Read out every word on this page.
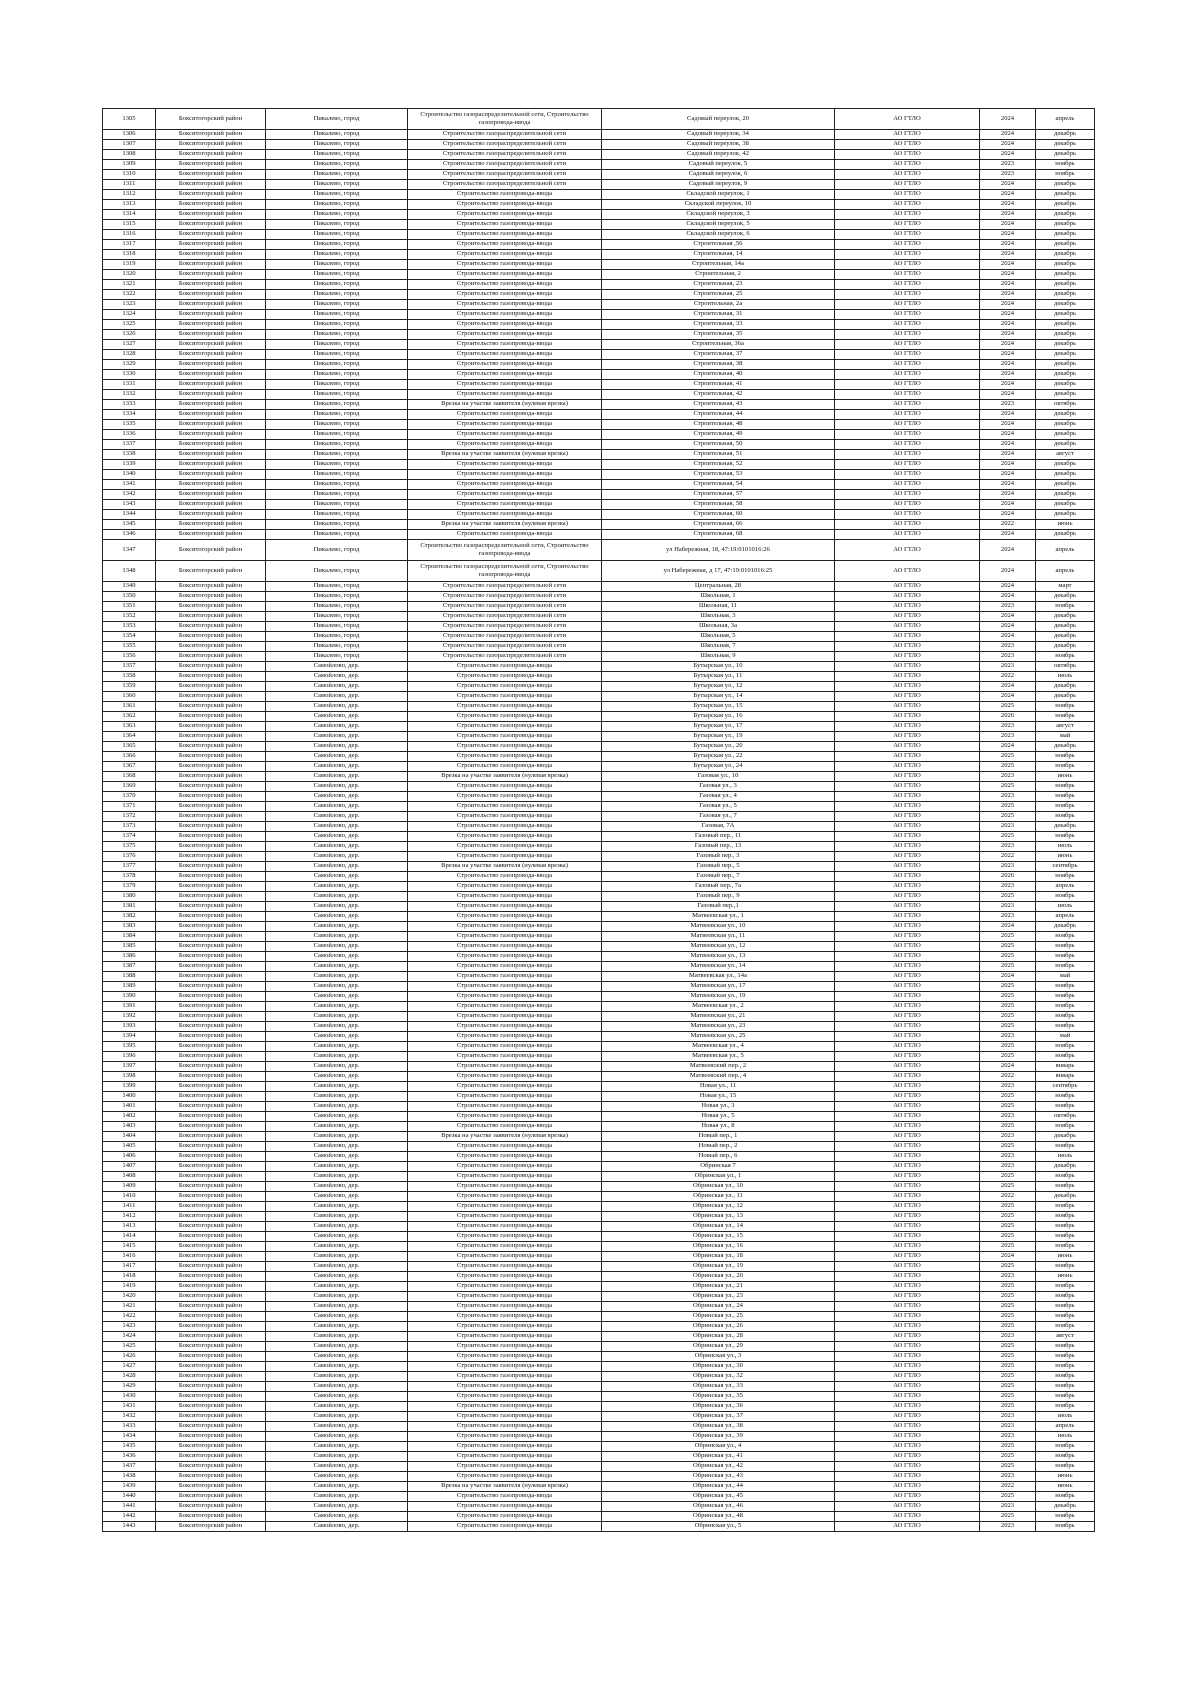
1305	Бокситогорский район	Пикалево, город	Строительство газораспределительной сети, Строительство газопровода-ввода	Садовый переулок, 20	АО ГТЛО	2024	апрель
1306	Бокситогорский район	Пикалево, город	Строительство газораспределительной сети	Садовый переулок, 34	АО ГТЛО	2024	декабрь
1307	Бокситогорский район	Пикалево, город	Строительство газораспределительной сети	Садовый переулок, 38	АО ГТЛО	2024	декабрь
1308	Бокситогорский район	Пикалево, город	Строительство газораспределительной сети	Садовый переулок, 42	АО ГТЛО	2024	декабрь
1309	Бокситогорский район	Пикалево, город	Строительство газораспределительной сети	Садовый переулок, 5	АО ГТЛО	2023	ноябрь
1310	Бокситогорский район	Пикалево, город	Строительство газораспределительной сети	Садовый переулок, 6	АО ГТЛО	2023	ноябрь
1311	Бокситогорский район	Пикалево, город	Строительство газораспределительной сети	Садовый переулок, 9	АО ГТЛО	2024	декабрь
1312	Бокситогорский район	Пикалево, город	Строительство газопровода-ввода	Складской переулок, 1	АО ГТЛО	2024	декабрь
1313	Бокситогорский район	Пикалево, город	Строительство газопровода-ввода	Складской переулок, 10	АО ГТЛО	2024	декабрь
1314	Бокситогорский район	Пикалево, город	Строительство газопровода-ввода	Складской переулок, 3	АО ГТЛО	2024	декабрь
1315	Бокситогорский район	Пикалево, город	Строительство газопровода-ввода	Складской переулок, 5	АО ГТЛО	2024	декабрь
1316	Бокситогорский район	Пикалево, город	Строительство газопровода-ввода	Складской переулок, 6	АО ГТЛО	2024	декабрь
1317	Бокситогорский район	Пикалево, город	Строительство газопровода-ввода	Строительная ,56	АО ГТЛО	2024	декабрь
1318	Бокситогорский район	Пикалево, город	Строительство газопровода-ввода	Строительная, 14	АО ГТЛО	2024	декабрь
1319	Бокситогорский район	Пикалево, город	Строительство газопровода-ввода	Строительная, 14а	АО ГТЛО	2024	декабрь
1320	Бокситогорский район	Пикалево, город	Строительство газопровода-ввода	Строительная, 2	АО ГТЛО	2024	декабрь
1321	Бокситогорский район	Пикалево, город	Строительство газопровода-ввода	Строительная, 23	АО ГТЛО	2024	декабрь
1322	Бокситогорский район	Пикалево, город	Строительство газопровода-ввода	Строительная, 25	АО ГТЛО	2024	декабрь
1323	Бокситогорский район	Пикалево, город	Строительство газопровода-ввода	Строительная, 2а	АО ГТЛО	2024	декабрь
1324	Бокситогорский район	Пикалево, город	Строительство газопровода-ввода	Строительная, 31	АО ГТЛО	2024	декабрь
1325	Бокситогорский район	Пикалево, город	Строительство газопровода-ввода	Строительная, 33	АО ГТЛО	2024	декабрь
1326	Бокситогорский район	Пикалево, город	Строительство газопровода-ввода	Строительная, 35	АО ГТЛО	2024	декабрь
1327	Бокситогорский район	Пикалево, город	Строительство газопровода-ввода	Строительная, 36а	АО ГТЛО	2024	декабрь
1328	Бокситогорский район	Пикалево, город	Строительство газопровода-ввода	Строительная, 37	АО ГТЛО	2024	декабрь
1329	Бокситогорский район	Пикалево, город	Строительство газопровода-ввода	Строительная, 38	АО ГТЛО	2024	декабрь
1330	Бокситогорский район	Пикалево, город	Строительство газопровода-ввода	Строительная, 40	АО ГТЛО	2024	декабрь
1331	Бокситогорский район	Пикалево, город	Строительство газопровода-ввода	Строительная, 41	АО ГТЛО	2024	декабрь
1332	Бокситогорский район	Пикалево, город	Строительство газопровода-ввода	Строительная, 42	АО ГТЛО	2024	декабрь
1333	Бокситогорский район	Пикалево, город	Врезка на участке заявителя (нулевая врезка)	Строительная, 43	АО ГТЛО	2023	октябрь
1334	Бокситогорский район	Пикалево, город	Строительство газопровода-ввода	Строительная, 44	АО ГТЛО	2024	декабрь
1335	Бокситогорский район	Пикалево, город	Строительство газопровода-ввода	Строительная, 48	АО ГТЛО	2024	декабрь
1336	Бокситогорский район	Пикалево, город	Строительство газопровода-ввода	Строительная, 49	АО ГТЛО	2024	декабрь
1337	Бокситогорский район	Пикалево, город	Строительство газопровода-ввода	Строительная, 50	АО ГТЛО	2024	декабрь
1338	Бокситогорский район	Пикалево, город	Врезка на участке заявителя (нулевая врезка)	Строительная, 51	АО ГТЛО	2024	август
1339	Бокситогорский район	Пикалево, город	Строительство газопровода-ввода	Строительная, 52	АО ГТЛО	2024	декабрь
1340	Бокситогорский район	Пикалево, город	Строительство газопровода-ввода	Строительная, 53	АО ГТЛО	2024	декабрь
1341	Бокситогорский район	Пикалево, город	Строительство газопровода-ввода	Строительная, 54	АО ГТЛО	2024	декабрь
1342	Бокситогорский район	Пикалево, город	Строительство газопровода-ввода	Строительная, 57	АО ГТЛО	2024	декабрь
1343	Бокситогорский район	Пикалево, город	Строительство газопровода-ввода	Строительная, 58	АО ГТЛО	2024	декабрь
1344	Бокситогорский район	Пикалево, город	Строительство газопровода-ввода	Строительная, 60	АО ГТЛО	2024	декабрь
1345	Бокситогорский район	Пикалево, город	Врезка на участке заявителя (нулевая врезка)	Строительная, 66	АО ГТЛО	2022	июнь
1346	Бокситогорский район	Пикалево, город	Строительство газопровода-ввода	Строительная, 68	АО ГТЛО	2024	декабрь
1347	Бокситогорский район	Пикалево, город	Строительство газораспределительной сети, Строительство газопровода-ввода	ул Набережная, 18, 47:19:0101016:26	АО ГТЛО	2024	апрель
1348	Бокситогорский район	Пикалево, город	Строительство газораспределительной сети, Строительство газопровода-ввода	ул Набережная, д 17, 47:19:0101016:25	АО ГТЛО	2024	апрель
1349	Бокситогорский район	Пикалево, город	Строительство газораспределительной сети	Центральная, 28	АО ГТЛО	2024	март
1350	Бокситогорский район	Пикалево, город	Строительство газораспределительной сети	Школьная, 1	АО ГТЛО	2024	декабрь
1351	Бокситогорский район	Пикалево, город	Строительство газораспределительной сети	Школьная, 11	АО ГТЛО	2023	ноябрь
1352	Бокситогорский район	Пикалево, город	Строительство газораспределительной сети	Школьная, 3	АО ГТЛО	2024	декабрь
1353	Бокситогорский район	Пикалево, город	Строительство газораспределительной сети	Школьная, 3а	АО ГТЛО	2024	декабрь
1354	Бокситогорский район	Пикалево, город	Строительство газораспределительной сети	Школьная, 5	АО ГТЛО	2024	декабрь
1355	Бокситогорский район	Пикалево, город	Строительство газораспределительной сети	Школьная, 7	АО ГТЛО	2023	декабрь
1356	Бокситогорский район	Пикалево, город	Строительство газораспределительной сети	Школьная, 9	АО ГТЛО	2023	ноябрь
1357	Бокситогорский район	Самойлово, дер.	Строительство газопровода-ввода	Бутырская ул., 10	АО ГТЛО	2023	октябрь
1358	Бокситогорский район	Самойлово, дер.	Строительство газопровода-ввода	Бутырская ул., 11	АО ГТЛО	2022	июль
1359	Бокситогорский район	Самойлово, дер.	Строительство газопровода-ввода	Бутырская ул., 12	АО ГТЛО	2024	декабрь
1360	Бокситогорский район	Самойлово, дер.	Строительство газопровода-ввода	Бутырская ул., 14	АО ГТЛО	2024	декабрь
1361	Бокситогорский район	Самойлово, дер.	Строительство газопровода-ввода	Бутырская ул., 15	АО ГТЛО	2025	ноябрь
1362	Бокситогорский район	Самойлово, дер.	Строительство газопровода-ввода	Бутырская ул., 16	АО ГТЛО	2026	ноябрь
1363	Бокситогорский район	Самойлово, дер.	Строительство газопровода-ввода	Бутырская ул., 17	АО ГТЛО	2023	август
1364	Бокситогорский район	Самойлово, дер.	Строительство газопровода-ввода	Бутырская ул., 19	АО ГТЛО	2023	май
1365	Бокситогорский район	Самойлово, дер.	Строительство газопровода-ввода	Бутырская ул., 20	АО ГТЛО	2024	декабрь
1366	Бокситогорский район	Самойлово, дер.	Строительство газопровода-ввода	Бутырская ул., 22	АО ГТЛО	2025	ноябрь
1367	Бокситогорский район	Самойлово, дер.	Строительство газопровода-ввода	Бутырская ул., 24	АО ГТЛО	2025	ноябрь
1368	Бокситогорский район	Самойлово, дер.	Врезка на участке заявителя (нулевая врезка)	Газовая ул., 10	АО ГТЛО	2023	июнь
1369	Бокситогорский район	Самойлово, дер.	Строительство газопровода-ввода	Газовая ул., 3	АО ГТЛО	2025	ноябрь
1370	Бокситогорский район	Самойлово, дер.	Строительство газопровода-ввода	Газовая ул., 4	АО ГТЛО	2023	ноябрь
1371	Бокситогорский район	Самойлово, дер.	Строительство газопровода-ввода	Газовая ул., 5	АО ГТЛО	2025	ноябрь
1372	Бокситогорский район	Самойлово, дер.	Строительство газопровода-ввода	Газовая ул., 7	АО ГТЛО	2025	ноябрь
1373	Бокситогорский район	Самойлово, дер.	Строительство газопровода-ввода	Газовая, 7А	АО ГТЛО	2023	декабрь
1374	Бокситогорский район	Самойлово, дер.	Строительство газопровода-ввода	Газовый пер., 11	АО ГТЛО	2025	ноябрь
1375	Бокситогорский район	Самойлово, дер.	Строительство газопровода-ввода	Газовый пер., 13	АО ГТЛО	2023	июль
1376	Бокситогорский район	Самойлово, дер.	Строительство газопровода-ввода	Газовый пер., 3	АО ГТЛО	2022	июнь
1377	Бокситогорский район	Самойлово, дер.	Врезка на участке заявителя (нулевая врезка)	Газовый пер., 5	АО ГТЛО	2023	сентябрь
1378	Бокситогорский район	Самойлово, дер.	Строительство газопровода-ввода	Газовый пер., 7	АО ГТЛО	2026	ноябрь
1379	Бокситогорский район	Самойлово, дер.	Строительство газопровода-ввода	Газовый пер., 7а	АО ГТЛО	2023	апрель
1380	Бокситогорский район	Самойлово, дер.	Строительство газопровода-ввода	Газовый пер., 9	АО ГТЛО	2025	ноябрь
1381	Бокситогорский район	Самойлово, дер.	Строительство газопровода-ввода	Газовый пер.,1	АО ГТЛО	2023	июль
1382	Бокситогорский район	Самойлово, дер.	Строительство газопровода-ввода	Матвеевская ул., 1	АО ГТЛО	2023	апрель
1383	Бокситогорский район	Самойлово, дер.	Строительство газопровода-ввода	Матвеевская ул., 10	АО ГТЛО	2024	декабрь
1384	Бокситогорский район	Самойлово, дер.	Строительство газопровода-ввода	Матвеевская ул., 11	АО ГТЛО	2025	ноябрь
1385	Бокситогорский район	Самойлово, дер.	Строительство газопровода-ввода	Матвеевская ул., 12	АО ГТЛО	2025	ноябрь
1386	Бокситогорский район	Самойлово, дер.	Строительство газопровода-ввода	Матвеевская ул., 13	АО ГТЛО	2025	ноябрь
1387	Бокситогорский район	Самойлово, дер.	Строительство газопровода-ввода	Матвеевская ул., 14	АО ГТЛО	2025	ноябрь
1388	Бокситогорский район	Самойлово, дер.	Строительство газопровода-ввода	Матвеевская ул., 14а	АО ГТЛО	2024	май
1389	Бокситогорский район	Самойлово, дер.	Строительство газопровода-ввода	Матвеевская ул., 17	АО ГТЛО	2025	ноябрь
1390	Бокситогорский район	Самойлово, дер.	Строительство газопровода-ввода	Матвеевская ул., 19	АО ГТЛО	2025	ноябрь
1391	Бокситогорский район	Самойлово, дер.	Строительство газопровода-ввода	Матвеевская ул., 2	АО ГТЛО	2025	ноябрь
1392	Бокситогорский район	Самойлово, дер.	Строительство газопровода-ввода	Матвеевская ул., 21	АО ГТЛО	2025	ноябрь
1393	Бокситогорский район	Самойлово, дер.	Строительство газопровода-ввода	Матвеевская ул., 23	АО ГТЛО	2025	ноябрь
1394	Бокситогорский район	Самойлово, дер.	Строительство газопровода-ввода	Матвеевская ул., 25	АО ГТЛО	2023	май
1395	Бокситогорский район	Самойлово, дер.	Строительство газопровода-ввода	Матвеевская ул., 4	АО ГТЛО	2025	ноябрь
1396	Бокситогорский район	Самойлово, дер.	Строительство газопровода-ввода	Матвеевская ул., 5	АО ГТЛО	2025	ноябрь
1397	Бокситогорский район	Самойлово, дер.	Строительство газопровода-ввода	Матвеевский пер., 2	АО ГТЛО	2024	январь
1398	Бокситогорский район	Самойлово, дер.	Строительство газопровода-ввода	Матвеевский пер., 4	АО ГТЛО	2022	январь
1399	Бокситогорский район	Самойлово, дер.	Строительство газопровода-ввода	Новая ул., 11	АО ГТЛО	2023	сентябрь
1400	Бокситогорский район	Самойлово, дер.	Строительство газопровода-ввода	Новая ул., 15	АО ГТЛО	2025	ноябрь
1401	Бокситогорский район	Самойлово, дер.	Строительство газопровода-ввода	Новая ул., 3	АО ГТЛО	2025	ноябрь
1402	Бокситогорский район	Самойлово, дер.	Строительство газопровода-ввода	Новая ул., 5	АО ГТЛО	2023	октябрь
1403	Бокситогорский район	Самойлово, дер.	Строительство газопровода-ввода	Новая ул., 8	АО ГТЛО	2025	ноябрь
1404	Бокситогорский район	Самойлово, дер.	Врезка на участке заявителя (нулевая врезка)	Новый пер., 1	АО ГТЛО	2023	декабрь
1405	Бокситогорский район	Самойлово, дер.	Строительство газопровода-ввода	Новый пер., 2	АО ГТЛО	2025	ноябрь
1406	Бокситогорский район	Самойлово, дер.	Строительство газопровода-ввода	Новый пер., 6	АО ГТЛО	2023	июль
1407	Бокситогорский район	Самойлово, дер.	Строительство газопровода-ввода	Обринская 7	АО ГТЛО	2023	декабрь
1408	Бокситогорский район	Самойлово, дер.	Строительство газопровода-ввода	Обринская ул., 1	АО ГТЛО	2025	ноябрь
1409	Бокситогорский район	Самойлово, дер.	Строительство газопровода-ввода	Обринская ул., 10	АО ГТЛО	2025	ноябрь
1410	Бокситогорский район	Самойлово, дер.	Строительство газопровода-ввода	Обринская ул., 11	АО ГТЛО	2022	декабрь
1411	Бокситогорский район	Самойлово, дер.	Строительство газопровода-ввода	Обринская ул., 12	АО ГТЛО	2025	ноябрь
1412	Бокситогорский район	Самойлово, дер.	Строительство газопровода-ввода	Обринская ул., 13	АО ГТЛО	2025	ноябрь
1413	Бокситогорский район	Самойлово, дер.	Строительство газопровода-ввода	Обринская ул., 14	АО ГТЛО	2025	ноябрь
1414	Бокситогорский район	Самойлово, дер.	Строительство газопровода-ввода	Обринская ул., 15	АО ГТЛО	2025	ноябрь
1415	Бокситогорский район	Самойлово, дер.	Строительство газопровода-ввода	Обринская ул., 16	АО ГТЛО	2025	ноябрь
1416	Бокситогорский район	Самойлово, дер.	Строительство газопровода-ввода	Обринская ул., 18	АО ГТЛО	2024	июнь
1417	Бокситогорский район	Самойлово, дер.	Строительство газопровода-ввода	Обринская ул., 19	АО ГТЛО	2025	ноябрь
1418	Бокситогорский район	Самойлово, дер.	Строительство газопровода-ввода	Обринская ул., 20	АО ГТЛО	2023	июнь
1419	Бокситогорский район	Самойлово, дер.	Строительство газопровода-ввода	Обринская ул., 21	АО ГТЛО	2025	ноябрь
1420	Бокситогорский район	Самойлово, дер.	Строительство газопровода-ввода	Обринская ул., 23	АО ГТЛО	2025	ноябрь
1421	Бокситогорский район	Самойлово, дер.	Строительство газопровода-ввода	Обринская ул., 24	АО ГТЛО	2025	ноябрь
1422	Бокситогорский район	Самойлово, дер.	Строительство газопровода-ввода	Обринская ул., 25	АО ГТЛО	2025	ноябрь
1423	Бокситогорский район	Самойлово, дер.	Строительство газопровода-ввода	Обринская ул., 26	АО ГТЛО	2025	ноябрь
1424	Бокситогорский район	Самойлово, дер.	Строительство газопровода-ввода	Обринская ул., 28	АО ГТЛО	2023	август
1425	Бокситогорский район	Самойлово, дер.	Строительство газопровода-ввода	Обринская ул., 29	АО ГТЛО	2025	ноябрь
1426	Бокситогорский район	Самойлово, дер.	Строительство газопровода-ввода	Обринская ул., 3	АО ГТЛО	2025	ноябрь
1427	Бокситогорский район	Самойлово, дер.	Строительство газопровода-ввода	Обринская ул., 30	АО ГТЛО	2025	ноябрь
1428	Бокситогорский район	Самойлово, дер.	Строительство газопровода-ввода	Обринская ул., 32	АО ГТЛО	2025	ноябрь
1429	Бокситогорский район	Самойлово, дер.	Строительство газопровода-ввода	Обринская ул., 33	АО ГТЛО	2025	ноябрь
1430	Бокситогорский район	Самойлово, дер.	Строительство газопровода-ввода	Обринская ул., 35	АО ГТЛО	2025	ноябрь
1431	Бокситогорский район	Самойлово, дер.	Строительство газопровода-ввода	Обринская ул., 36	АО ГТЛО	2025	ноябрь
1432	Бокситогорский район	Самойлово, дер.	Строительство газопровода-ввода	Обринская ул., 37	АО ГТЛО	2023	июль
1433	Бокситогорский район	Самойлово, дер.	Строительство газопровода-ввода	Обринская ул., 38	АО ГТЛО	2023	апрель
1434	Бокситогорский район	Самойлово, дер.	Строительство газопровода-ввода	Обринская ул., 39	АО ГТЛО	2023	июль
1435	Бокситогорский район	Самойлово, дер.	Строительство газопровода-ввода	Обринская ул., 4	АО ГТЛО	2025	ноябрь
1436	Бокситогорский район	Самойлово, дер.	Строительство газопровода-ввода	Обринская ул., 41	АО ГТЛО	2025	ноябрь
1437	Бокситогорский район	Самойлово, дер.	Строительство газопровода-ввода	Обринская ул., 42	АО ГТЛО	2025	ноябрь
1438	Бокситогорский район	Самойлово, дер.	Строительство газопровода-ввода	Обринская ул., 43	АО ГТЛО	2023	июнь
1439	Бокситогорский район	Самойлово, дер.	Врезка на участке заявителя (нулевая врезка)	Обринская ул., 44	АО ГТЛО	2022	июнь
1440	Бокситогорский район	Самойлово, дер.	Строительство газопровода-ввода	Обринская ул., 45	АО ГТЛО	2025	ноябрь
1441	Бокситогорский район	Самойлово, дер.	Строительство газопровода-ввода	Обринская ул., 46	АО ГТЛО	2023	декабрь
1442	Бокситогорский район	Самойлово, дер.	Строительство газопровода-ввода	Обринская ул., 48	АО ГТЛО	2025	ноябрь
1443	Бокситогорский район	Самойлово, дер.	Строительство газопровода-ввода	Обринская ул., 5	АО ГТЛО	2023	ноябрь
